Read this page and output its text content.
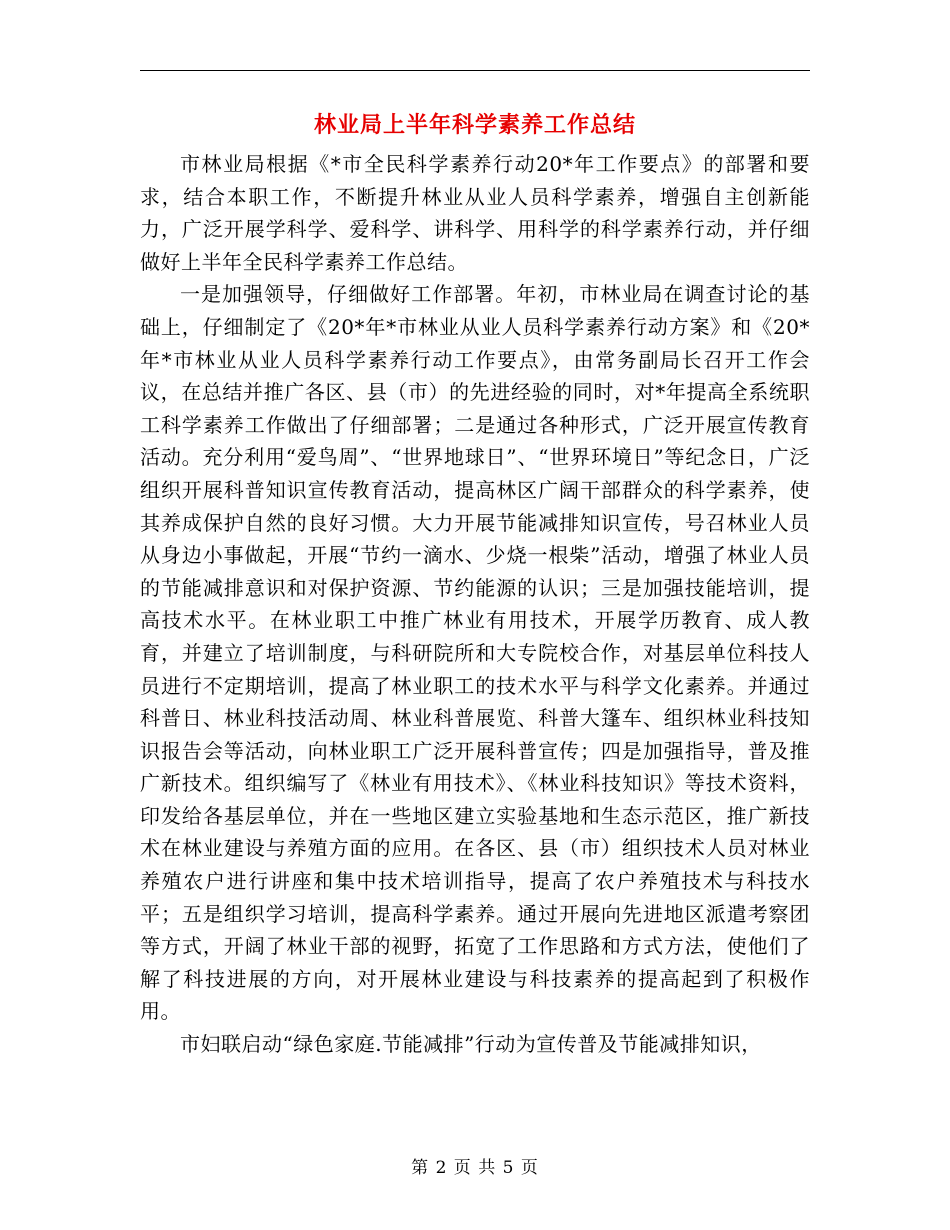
林业局上半年科学素养工作总结

市林业局根据《*市全民科学素养行动20*年工作要点》的部署和要求，结合本职工作，不断提升林业从业人员科学素养，增强自主创新能力，广泛开展学科学、爱科学、讲科学、用科学的科学素养行动，并仔细做好上半年全民科学素养工作总结。

一是加强领导，仔细做好工作部署。年初，市林业局在调查讨论的基础上，仔细制定了《20*年*市林业从业人员科学素养行动方案》和《20*年*市林业从业人员科学素养行动工作要点》，由常务副局长召开工作会议，在总结并推广各区、县（市）的先进经验的同时，对*年提高全系统职工科学素养工作做出了仔细部署；二是通过各种形式，广泛开展宣传教育活动。充分利用“爱鸟周”、“世界地球日”、“世界环境日”等纪念日，广泛组织开展科普知识宣传教育活动，提高林区广阔干部群众的科学素养，使其养成保护自然的良好习惯。大力开展节能减排知识宣传，号召林业人员从身边小事做起，开展“节约一滴水、少烧一根柴”活动，增强了林业人员的节能减排意识和对保护资源、节约能源的认识；三是加强技能培训，提高技术水平。在林业职工中推广林业有用技术，开展学历教育、成人教育，并建立了培训制度，与科研院所和大专院校合作，对基层单位科技人员进行不定期培训，提高了林业职工的技术水平与科学文化素养。并通过科普日、林业科技活动周、林业科普展览、科普大篷车、组织林业科技知识报告会等活动，向林业职工广泛开展科普宣传；四是加强指导，普及推广新技术。组织编写了《林业有用技术》、《林业科技知识》等技术资料，印发给各基层单位，并在一些地区建立实验基地和生态示范区，推广新技术在林业建设与养殖方面的应用。在各区、县（市）组织技术人员对林业养殖农户进行讲座和集中技术培训指导，提高了农户养殖技术与科技水平；五是组织学习培训，提高科学素养。通过开展向先进地区派遣考察团等方式，开阔了林业干部的视野，拓宽了工作思路和方式方法，使他们了解了科技进展的方向，对开展林业建设与科技素养的提高起到了积极作用。

市妇联启动“绿色家庭.节能减排”行动为宣传普及节能减排知识，

第 2 页 共 5 页
